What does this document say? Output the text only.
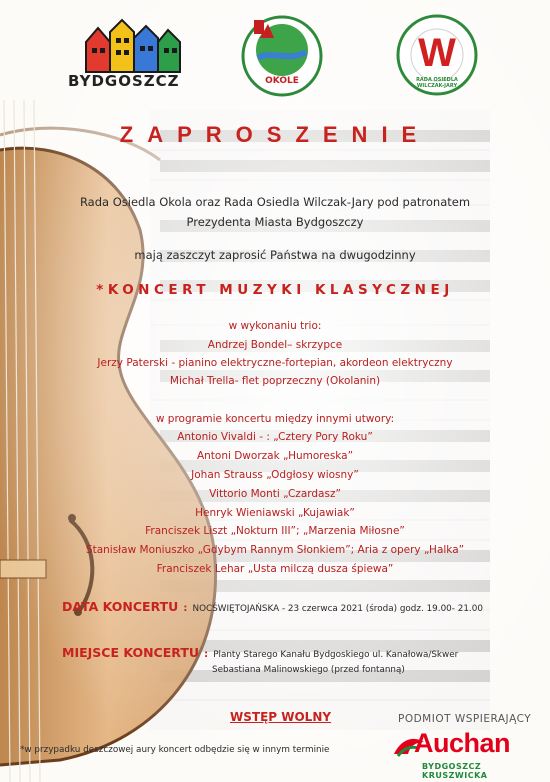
BYDGOSZCZ	OKOLE
W
RADA OSIEDLA WILCZAK-JARY
ZAPROSZENIE
Rada Osiedla Okola oraz Rada Osiedla Wilczak-Jary pod patronatem
Prezydenta Miasta Bydgoszczy
mają zaszczyt zaprosić Państwa na dwugodzinny
*KONCERT MUZYKI KLASYCZNEJ
w wykonaniu trio:
Andrzej Bondel– skrzypce
Jerzy Paterski - pianino elektryczne-fortepian, akordeon elektryczny
Michał Trella- flet poprzeczny (Okolanin)
w programie koncertu między innymi utwory:
Antonio Vivaldi - : „Cztery Pory Roku”
Antoni Dworzak „Humoreska”
Johan Strauss „Odgłosy wiosny”
Vittorio Monti „Czardasz”
Henryk Wieniawski „Kujawiak”
Franciszek Liszt „Nokturn III”; „Marzenia Miłosne”
Stanisław Moniuszko „Gdybym Rannym Słonkiem”; Aria z opery „Halka”
Franciszek Lehar „Usta milczą dusza śpiewa”
DATA KONCERTU : NOCŚWIĘTOJAŃSKA - 23 czerwca 2021 (środa) godz. 19.00- 21.00
MIEJSCE KONCERTU : Planty Starego Kanału Bydgoskiego ul. Kanałowa/Skwer
Sebastiana Malinowskiego (przed fontanną)
WSTĘP WOLNY	PODMIOT WSPIERAJĄCY
Auchan
BYDGOSZCZ KRUSZWICKA
*w przypadku deszczowej aury koncert odbędzie się w innym terminie
